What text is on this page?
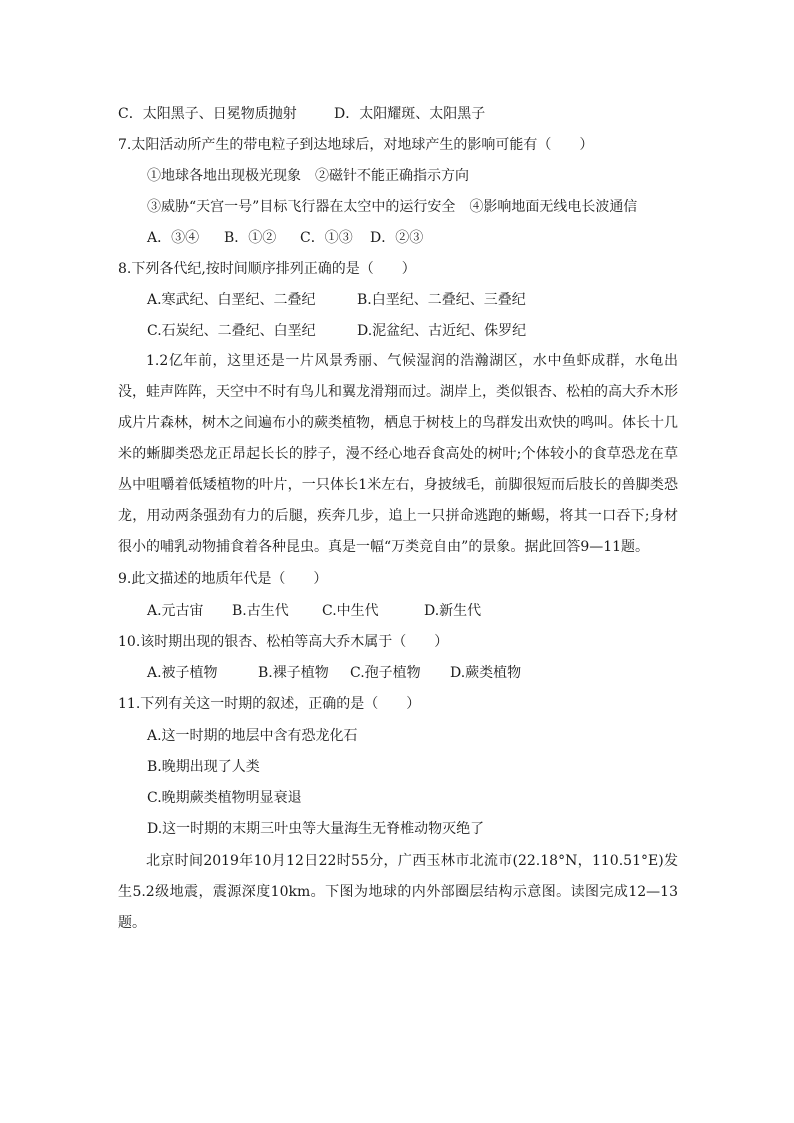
C．太阳黑子、日冕物质抛射	D．太阳耀斑、太阳黑子
7.太阳活动所产生的带电粒子到达地球后，对地球产生的影响可能有（　　）
①地球各地出现极光现象　②磁针不能正确指示方向
③威胁“天宫一号”目标飞行器在太空中的运行安全　④影响地面无线电长波通信
A．③④ B．①② C．①③ D．②③
8.下列各代纪,按时间顺序排列正确的是（　　）
A.寒武纪、白垩纪、二叠纪	B.白垩纪、二叠纪、三叠纪
C.石炭纪、二叠纪、白垩纪	D.泥盆纪、古近纪、侏罗纪
1.2亿年前，这里还是一片风景秀丽、气候湿润的浩瀚湖区，水中鱼虾成群，水龟出没，蛙声阵阵，天空中不时有鸟儿和翼龙滑翔而过。湖岸上，类似银杏、松柏的高大乔木形成片片森林，树木之间遍布小的蕨类植物，栖息于树枝上的鸟群发出欢快的鸣叫。体长十几米的蜥脚类恐龙正昂起长长的脖子，漫不经心地吞食高处的树叶;个体较小的食草恐龙在草丛中咀嚼着低矮植物的叶片，一只体长1米左右，身披绒毛，前脚很短而后肢长的兽脚类恐龙，用动两条强劲有力的后腿，疾奔几步，追上一只拼命逃跑的蜥蜴，将其一口吞下;身材很小的哺乳动物捕食着各种昆虫。真是一幅“万类竞自由”的景象。据此回答9—11题。
9.此文描述的地质年代是（　　）
A.元古宙 B.古生代 C.中生代	D.新生代
10.该时期出现的银杏、松柏等高大乔木属于（　　）
A.被子植物	B.裸子植物 C.孢子植物 D.蕨类植物
11.下列有关这一时期的叙述，正确的是（　　）
A.这一时期的地层中含有恐龙化石
B.晚期出现了人类
C.晚期蕨类植物明显衰退
D.这一时期的末期三叶虫等大量海生无脊椎动物灭绝了
北京时间2019年10月12日22时55分，广西玉林市北流市(22.18°N，110.51°E)发生5.2级地震，震源深度10km。下图为地球的内外部圈层结构示意图。读图完成12—13题。
